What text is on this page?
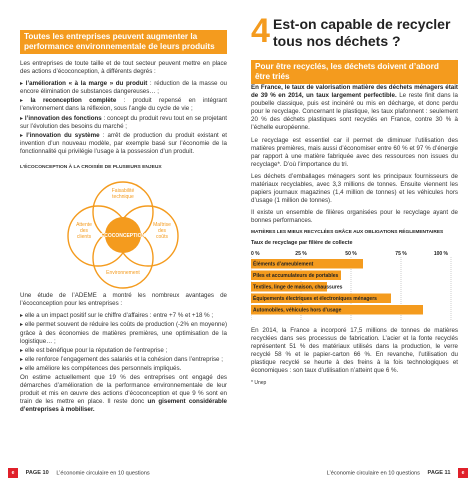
Toutes les entreprises peuvent augmenter la performance environnementale de leurs produits

Les entreprises de toute taille et de tout secteur peuvent mettre en place des actions d’écoconception, à différents degrés :

▸ l’amélioration « à la marge » du produit : réduction de la masse ou encore élimination de substances dangereuses… ;

▸ la reconception complète : produit repensé en intégrant l’environnement dans la réflexion, sous l’angle du cycle de vie ;

▸ l’innovation des fonctions : concept du produit revu tout en se projetant sur l’évolution des besoins du marché ;

▸ l’innovation du système : arrêt de production du produit existant et invention d’un nouveau modèle, par exemple basé sur l’économie de la fonctionnalité qui privilégie l’usage à la possession d’un produit.

L’ÉCOCONCEPTION À LA CROISÉE DE PLUSIEURS ENJEUX
ÉCOCONCEPTION
Faisabilité technique
Attente des clients
Maîtrise des coûts
Environnement

Une étude de l’ADEME a montré les nombreux avantages de l’écoconception pour les entreprises :

▸ elle a un impact positif sur le chiffre d’affaires : entre +7 % et +18 % ;

▸ elle permet souvent de réduire les coûts de production (-2% en moyenne) grâce à des économies de matières premières, une optimisation de la logistique… ;

▸ elle est bénéfique pour la réputation de l’entreprise ;

▸ elle renforce l’engagement des salariés et la cohésion dans l’entreprise ;

▸ elle améliore les compétences des personnels impliqués.

On estime actuellement que 19 % des entreprises ont engagé des démarches d’amélioration de la performance environnementale de leur produit et mis en œuvre des actions d’écoconception et que 9 % sont en train de les mettre en place. Il reste donc un gisement considérable d’entreprises à mobiliser.

4 Est-on capable de recycler tous nos déchets ?
Pour être recyclés, les déchets doivent d’abord être triés

En France, le taux de valorisation matière des déchets ménagers était de 39 % en 2014, un taux largement perfectible. Le reste finit dans la poubelle classique, puis est incinéré ou mis en décharge, et donc perdu pour le recyclage. Concernant le plastique, les taux plafonnent : seulement 20 % des déchets plastiques sont recyclés en France, contre 30 % à l’échelle européenne.

Le recyclage est essentiel car il permet de diminuer l’utilisation des matières premières, mais aussi d’économiser entre 60 % et 97 % d’énergie par rapport à une matière fabriquée avec des ressources non issues du recyclage*. D’où l’importance du tri.

Les déchets d’emballages ménagers sont les principaux fournisseurs de matériaux recyclables, avec 3,3 millions de tonnes. Ensuite viennent les papiers journaux magazines (1,4 million de tonnes) et les véhicules hors d’usage (1 million de tonnes).

Il existe un ensemble de filières organisées pour le recyclage ayant de bonnes performances.

MATIÈRES LES MIEUX RECYCLÉES GRÂCE AUX OBLIGATIONS RÉGLEMENTAIRES
Taux de recyclage par filière de collecte
0 %	25 %	50 %	75 %	100 %
Éléments d’ameublement
Piles et accumulateurs de portables
Textiles, linge de maison, chaussures
Équipements électriques et électroniques ménagers
Automobiles, véhicules hors d’usage

En 2014, la France a incorporé 17,5 millions de tonnes de matières recyclées dans ses processus de fabrication. L’acier et la fonte recyclés représentent 51 % des matériaux utilisés dans la production, le verre recyclé 58 % et le papier-carton 66 %. En revanche, l’utilisation du plastique recyclé se heurte à des freins à la fois technologiques et économiques : son taux d’utilisation n’atteint que 6 %.

* Unep

e PAGE 10 L’économie circulaire en 10 questions	L’économie circulaire en 10 questions PAGE 11 e
